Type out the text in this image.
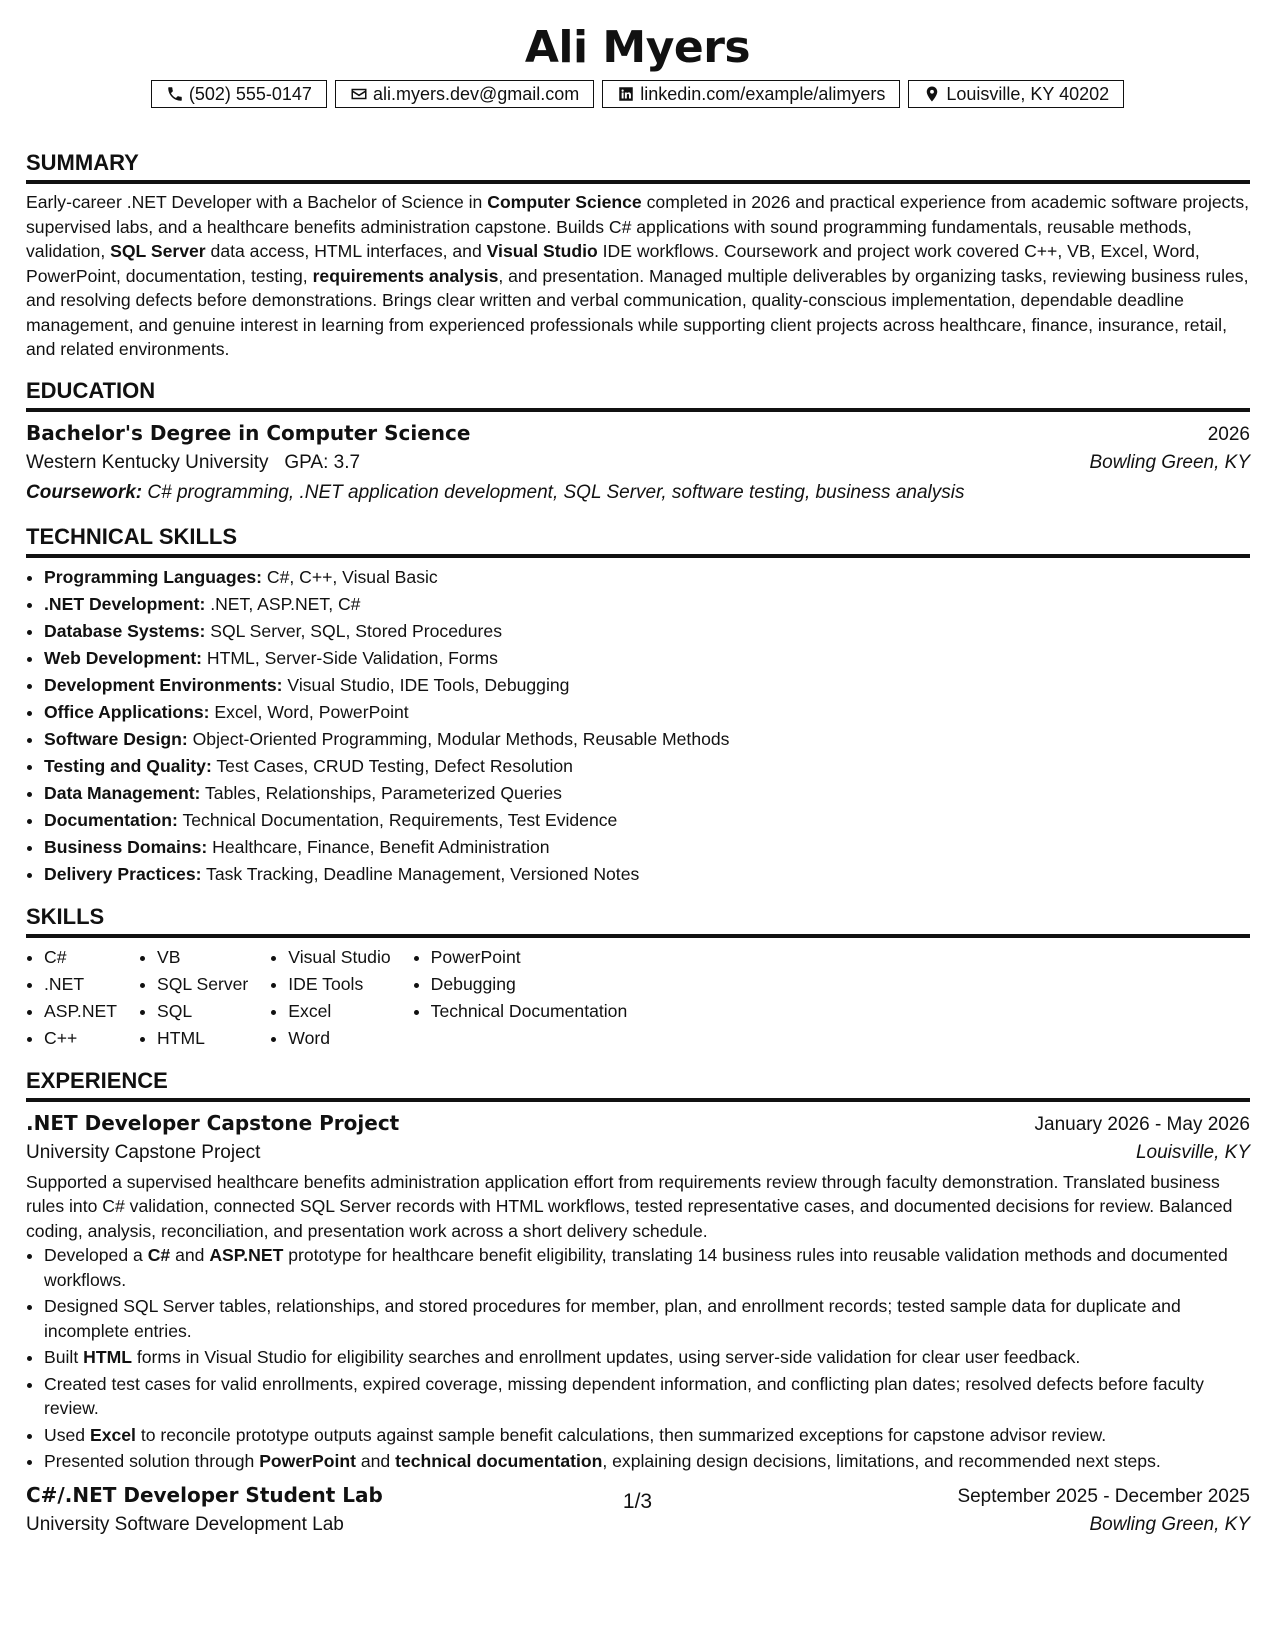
Ali Myers
(502) 555-0147	ali.myers.dev@gmail.com	linkedin.com/example/alimyers	Louisville, KY 40202
SUMMARY
Early-career .NET Developer with a Bachelor of Science in Computer Science completed in 2026 and practical experience from academic software projects, supervised labs, and a healthcare benefits administration capstone. Builds C# applications with sound programming fundamentals, reusable methods, validation, SQL Server data access, HTML interfaces, and Visual Studio IDE workflows. Coursework and project work covered C++, VB, Excel, Word, PowerPoint, documentation, testing, requirements analysis, and presentation. Managed multiple deliverables by organizing tasks, reviewing business rules, and resolving defects before demonstrations. Brings clear written and verbal communication, quality-conscious implementation, dependable deadline management, and genuine interest in learning from experienced professionals while supporting client projects across healthcare, finance, insurance, retail, and related environments.
EDUCATION
Bachelor's Degree in Computer Science	2026
Western Kentucky University GPA: 3.7	Bowling Green, KY
Coursework: C# programming, .NET application development, SQL Server, software testing, business analysis
TECHNICAL SKILLS
• Programming Languages: C#, C++, Visual Basic
• .NET Development: .NET, ASP.NET, C#
• Database Systems: SQL Server, SQL, Stored Procedures
• Web Development: HTML, Server-Side Validation, Forms
• Development Environments: Visual Studio, IDE Tools, Debugging
• Office Applications: Excel, Word, PowerPoint
• Software Design: Object-Oriented Programming, Modular Methods, Reusable Methods
• Testing and Quality: Test Cases, CRUD Testing, Defect Resolution
• Data Management: Tables, Relationships, Parameterized Queries
• Documentation: Technical Documentation, Requirements, Test Evidence
• Business Domains: Healthcare, Finance, Benefit Administration
• Delivery Practices: Task Tracking, Deadline Management, Versioned Notes
SKILLS
• C#
• .NET
• ASP.NET
• C++
• VB
• SQL Server
• SQL
• HTML
• Visual Studio
• IDE Tools
• Excel
• Word
• PowerPoint
• Debugging
• Technical Documentation
EXPERIENCE
.NET Developer Capstone Project	January 2026 - May 2026
University Capstone Project	Louisville, KY
Supported a supervised healthcare benefits administration application effort from requirements review through faculty demonstration. Translated business rules into C# validation, connected SQL Server records with HTML workflows, tested representative cases, and documented decisions for review. Balanced coding, analysis, reconciliation, and presentation work across a short delivery schedule.
• Developed a C# and ASP.NET prototype for healthcare benefit eligibility, translating 14 business rules into reusable validation methods and documented workflows.
• Designed SQL Server tables, relationships, and stored procedures for member, plan, and enrollment records; tested sample data for duplicate and incomplete entries.
• Built HTML forms in Visual Studio for eligibility searches and enrollment updates, using server-side validation for clear user feedback.
• Created test cases for valid enrollments, expired coverage, missing dependent information, and conflicting plan dates; resolved defects before faculty review.
• Used Excel to reconcile prototype outputs against sample benefit calculations, then summarized exceptions for capstone advisor review.
• Presented solution through PowerPoint and technical documentation, explaining design decisions, limitations, and recommended next steps.
C#/.NET Developer Student Lab	September 2025 - December 2025
University Software Development Lab	Bowling Green, KY
1/3
